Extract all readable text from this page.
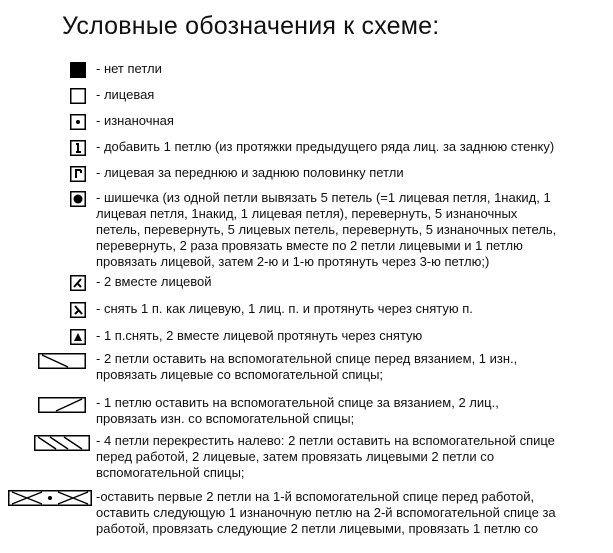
Условные обозначения к схеме:

- нет петли

- лицевая

- изнаночная

- добавить 1 петлю (из протяжки предыдущего ряда лиц. за заднюю стенку)

- лицевая за переднюю и заднюю половинку петли

- шишечка (из одной петли вывязать 5 петель (=1 лицевая петля, 1накид, 1
лицевая петля, 1накид, 1 лицевая петля), перевернуть, 5 изнаночных
петель, перевернуть, 5 лицевых петель, перевернуть, 5 изнаночных петель,
перевернуть, 2 раза провязать вместе по 2 петли лицевыми и 1 петлю
провязать лицевой, затем 2-ю и 1-ю протянуть через 3-ю петлю;)

- 2 вместе лицевой

- снять 1 п. как лицевую, 1 лиц. п. и протянуть через снятую п.

- 1 п.снять, 2 вместе лицевой протянуть через снятую

- 2 петли оставить на вспомогательной спице перед вязанием, 1 изн.,
провязать лицевые со вспомогательной спицы;

- 1 петлю оставить на вспомогательной спице за вязанием, 2 лиц.,
провязать изн. со вспомогательной спицы;

- 4 петли перекрестить налево: 2 петли оставить на вспомогательной спице
перед работой, 2 лицевые, затем провязать лицевыми 2 петли со
вспомогательной спицы;

-оставить первые 2 петли на 1-й вспомогательной спице перед работой,
оставить следующую 1 изнаночную петлю на 2-й вспомогательной спице за
работой, провязать следующие 2 петли лицевыми, провязать 1 петлю со
